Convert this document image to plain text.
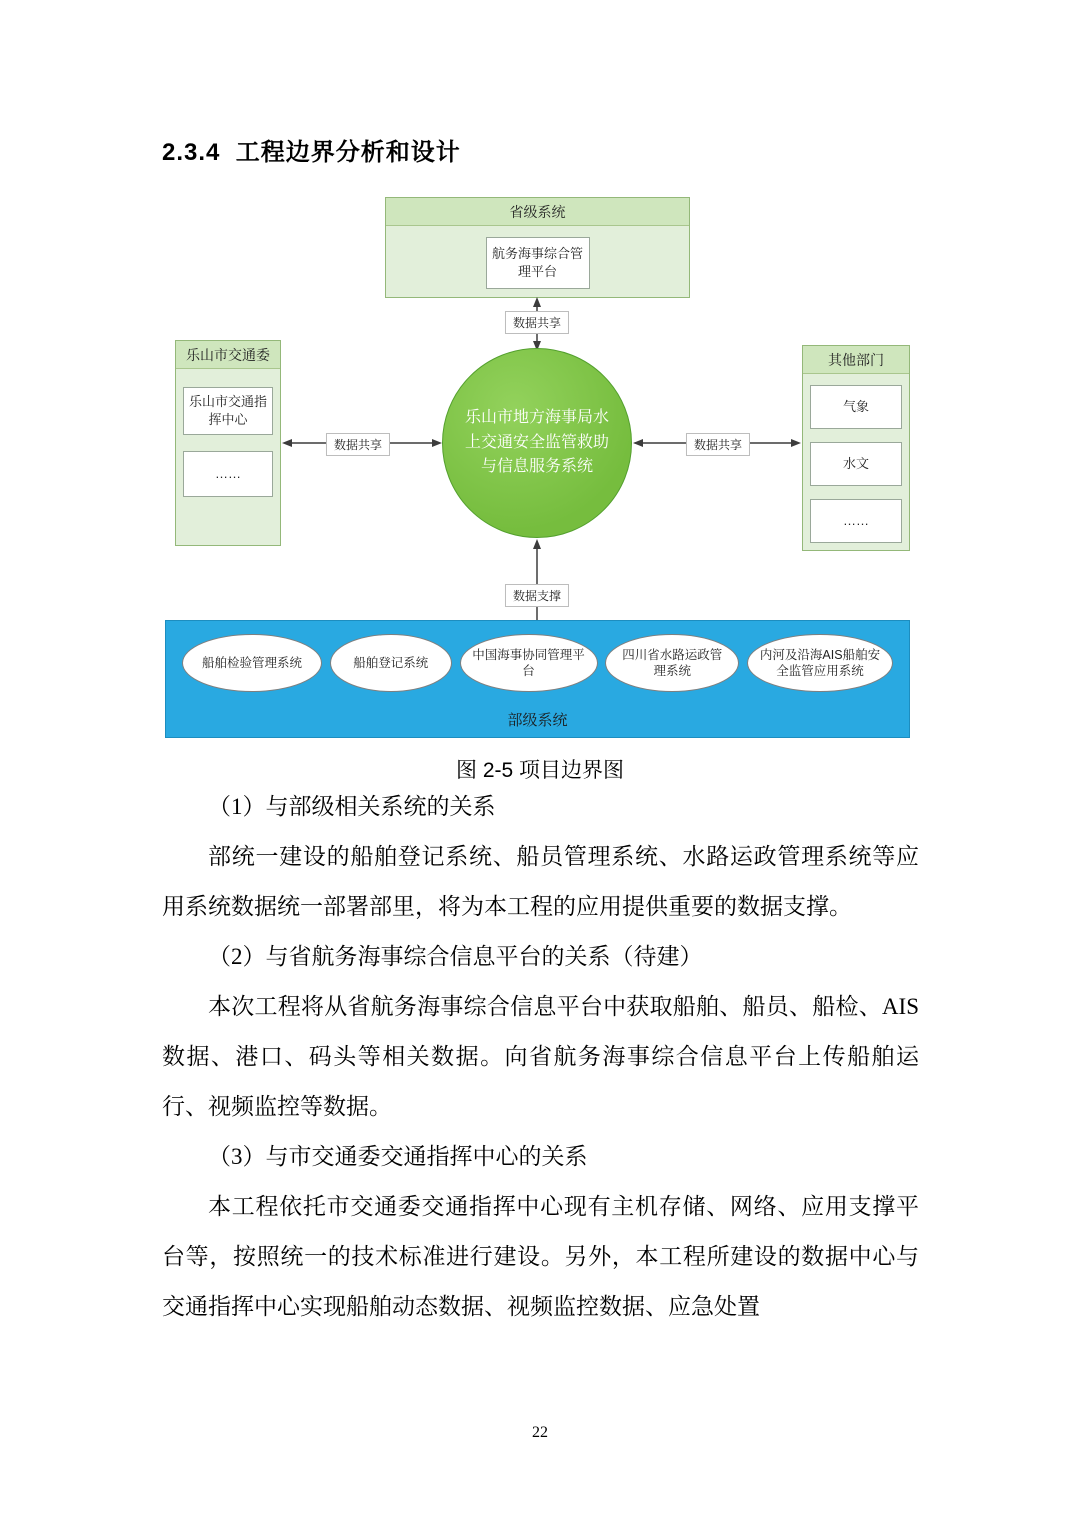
2.3.4  工程边界分析和设计
省级系统
航务海事综合管理平台
数据共享
乐山市交通委
乐山市交通指挥中心
……
其他部门
气象
水文
……
数据共享	数据共享
乐山市地方海事局水上交通安全监管救助与信息服务系统
数据支撑
船舶检验管理系统	船舶登记系统
中国海事协同管理平台
四川省水路运政管理系统
内河及沿海AIS船舶安全监管应用系统
部级系统
图 2-5 项目边界图

（1）与部级相关系统的关系

部统一建设的船舶登记系统、船员管理系统、水路运政管理系统等应用系统数据统一部署部里，将为本工程的应用提供重要的数据支撑。

（2）与省航务海事综合信息平台的关系（待建）

本次工程将从省航务海事综合信息平台中获取船舶、船员、船检、AIS 数据、港口、码头等相关数据。向省航务海事综合信息平台上传船舶运行、视频监控等数据。

（3）与市交通委交通指挥中心的关系

本工程依托市交通委交通指挥中心现有主机存储、网络、应用支撑平台等，按照统一的技术标准进行建设。另外，本工程所建设的数据中心与交通指挥中心实现船舶动态数据、视频监控数据、应急处置

22
